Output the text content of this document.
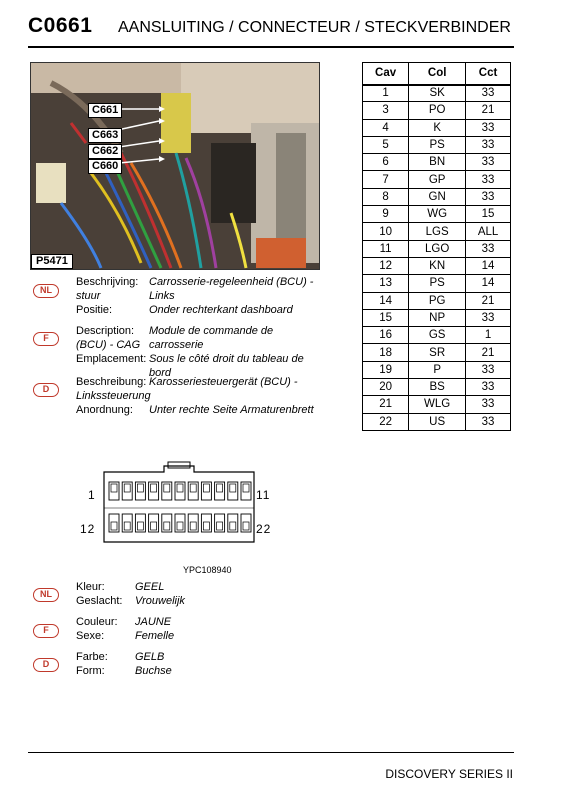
C0661 AANSLUITING / CONNECTEUR / STECKVERBINDER
C661
C663
C662
C660
P5471
NL
Beschrijving: Carrosserie-regeleenheid (BCU) - Links
stuur
Positie:	Onder rechterkant dashboard
F
Description: Module de commande de carrosserie
(BCU) - CAG
Emplacement: Sous le côté droit du tableau de bord
D
Beschreibung: Karosseriesteuergerät (BCU) -
Linkssteuerung
Anordnung: Unter rechte Seite Armaturenbrett
Cav	Col	Cct
1	SK	33
3	PO	21
4	K	33
5	PS	33
6	BN	33
7	GP	33
8	GN	33
9	WG	15
10	LGS	ALL
11	LGO	33
12	KN	14
13	PS	14
14	PG	21
15	NP	33
16	GS	1
18	SR	21
19	P	33
20	BS	33
21	WLG	33
22	US	33
1	11
12	22
YPC108940
NL
Kleur:	GEEL
Geslacht: Vrouwelijk
F
Couleur: JAUNE
Sexe:	Femelle
D
Farbe: GELB
Form:	Buchse
DISCOVERY SERIES II
